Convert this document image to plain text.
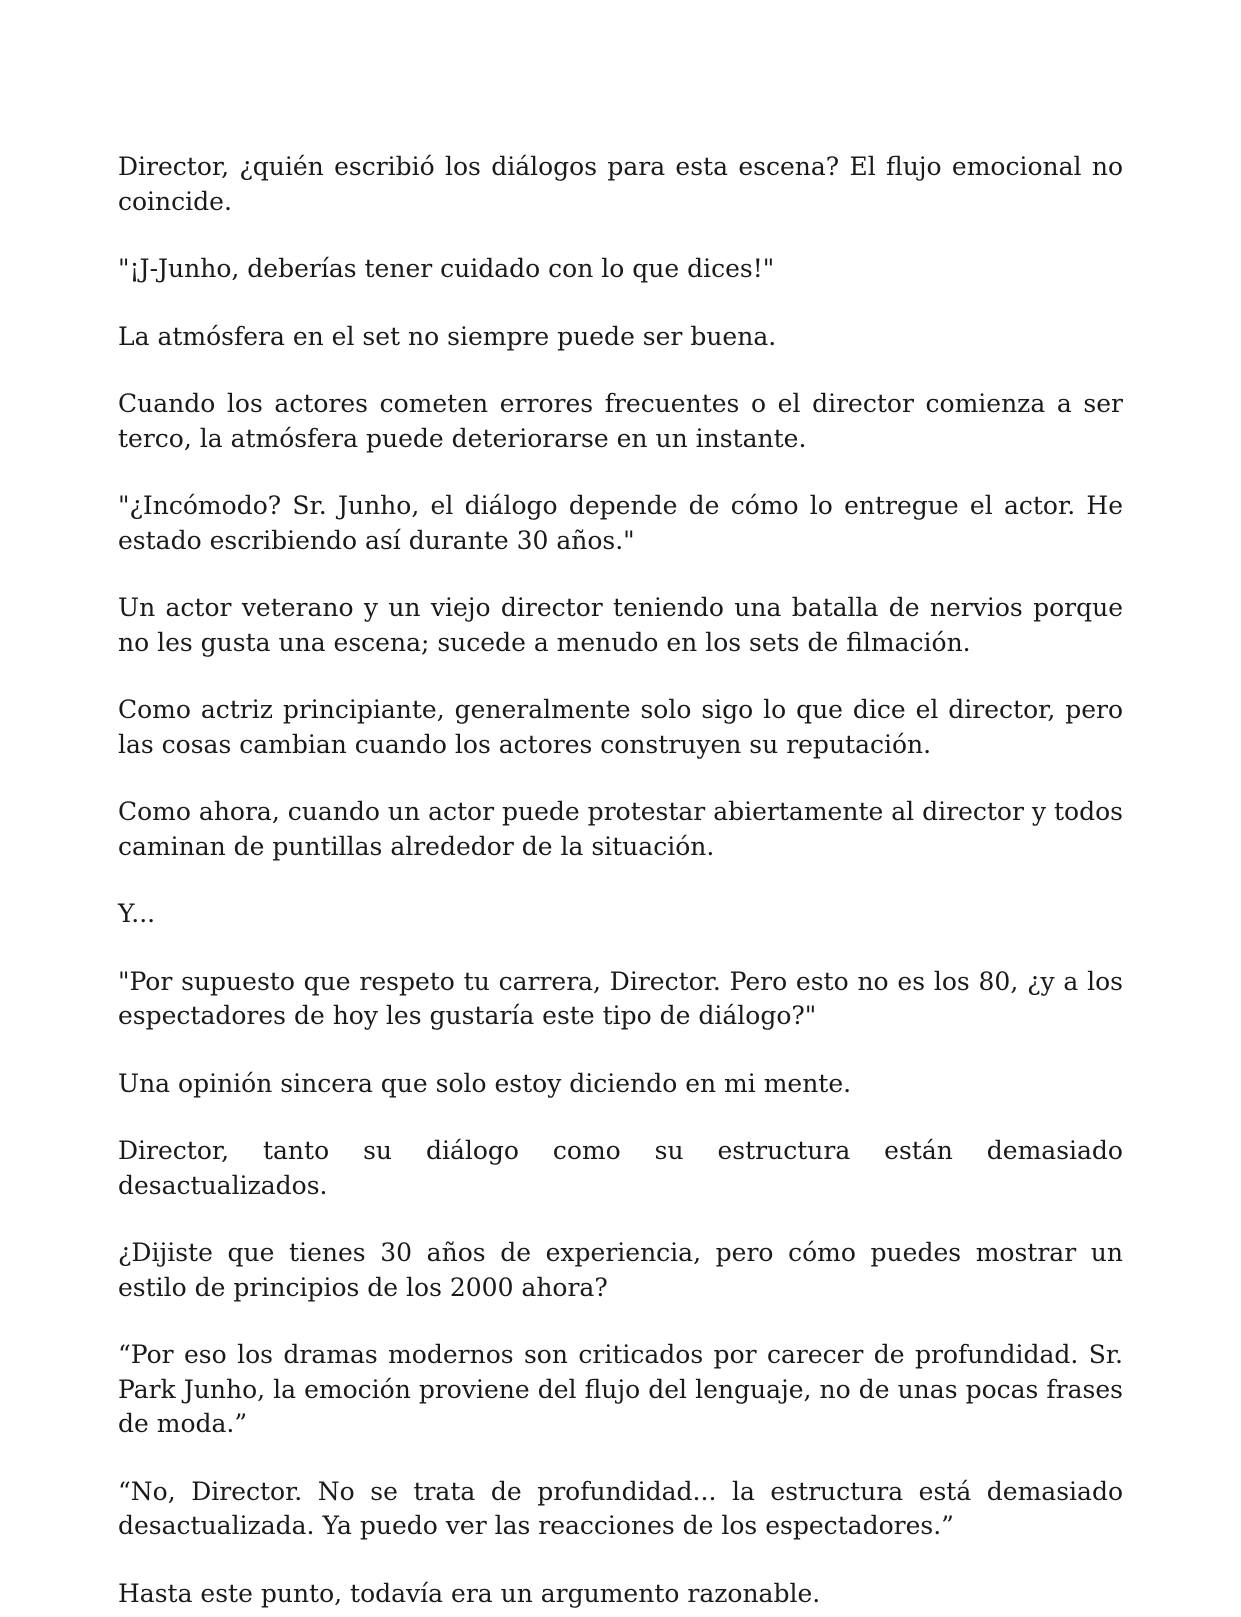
Director, ¿quién escribió los diálogos para esta escena? El flujo emocional no coincide.

"¡J-Junho, deberías tener cuidado con lo que dices!"

La atmósfera en el set no siempre puede ser buena.

Cuando los actores cometen errores frecuentes o el director comienza a ser terco, la atmósfera puede deteriorarse en un instante.

"¿Incómodo? Sr. Junho, el diálogo depende de cómo lo entregue el actor. He estado escribiendo así durante 30 años."

Un actor veterano y un viejo director teniendo una batalla de nervios porque no les gusta una escena; sucede a menudo en los sets de filmación.

Como actriz principiante, generalmente solo sigo lo que dice el director, pero las cosas cambian cuando los actores construyen su reputación.

Como ahora, cuando un actor puede protestar abiertamente al director y todos caminan de puntillas alrededor de la situación.

Y...

"Por supuesto que respeto tu carrera, Director. Pero esto no es los 80, ¿y a los espectadores de hoy les gustaría este tipo de diálogo?"

Una opinión sincera que solo estoy diciendo en mi mente.

Director, tanto su diálogo como su estructura están demasiado desactualizados.

¿Dijiste que tienes 30 años de experiencia, pero cómo puedes mostrar un estilo de principios de los 2000 ahora?

“Por eso los dramas modernos son criticados por carecer de profundidad. Sr. Park Junho, la emoción proviene del flujo del lenguaje, no de unas pocas frases de moda.”

“No, Director. No se trata de profundidad... la estructura está demasiado desactualizada. Ya puedo ver las reacciones de los espectadores.”

Hasta este punto, todavía era un argumento razonable.
